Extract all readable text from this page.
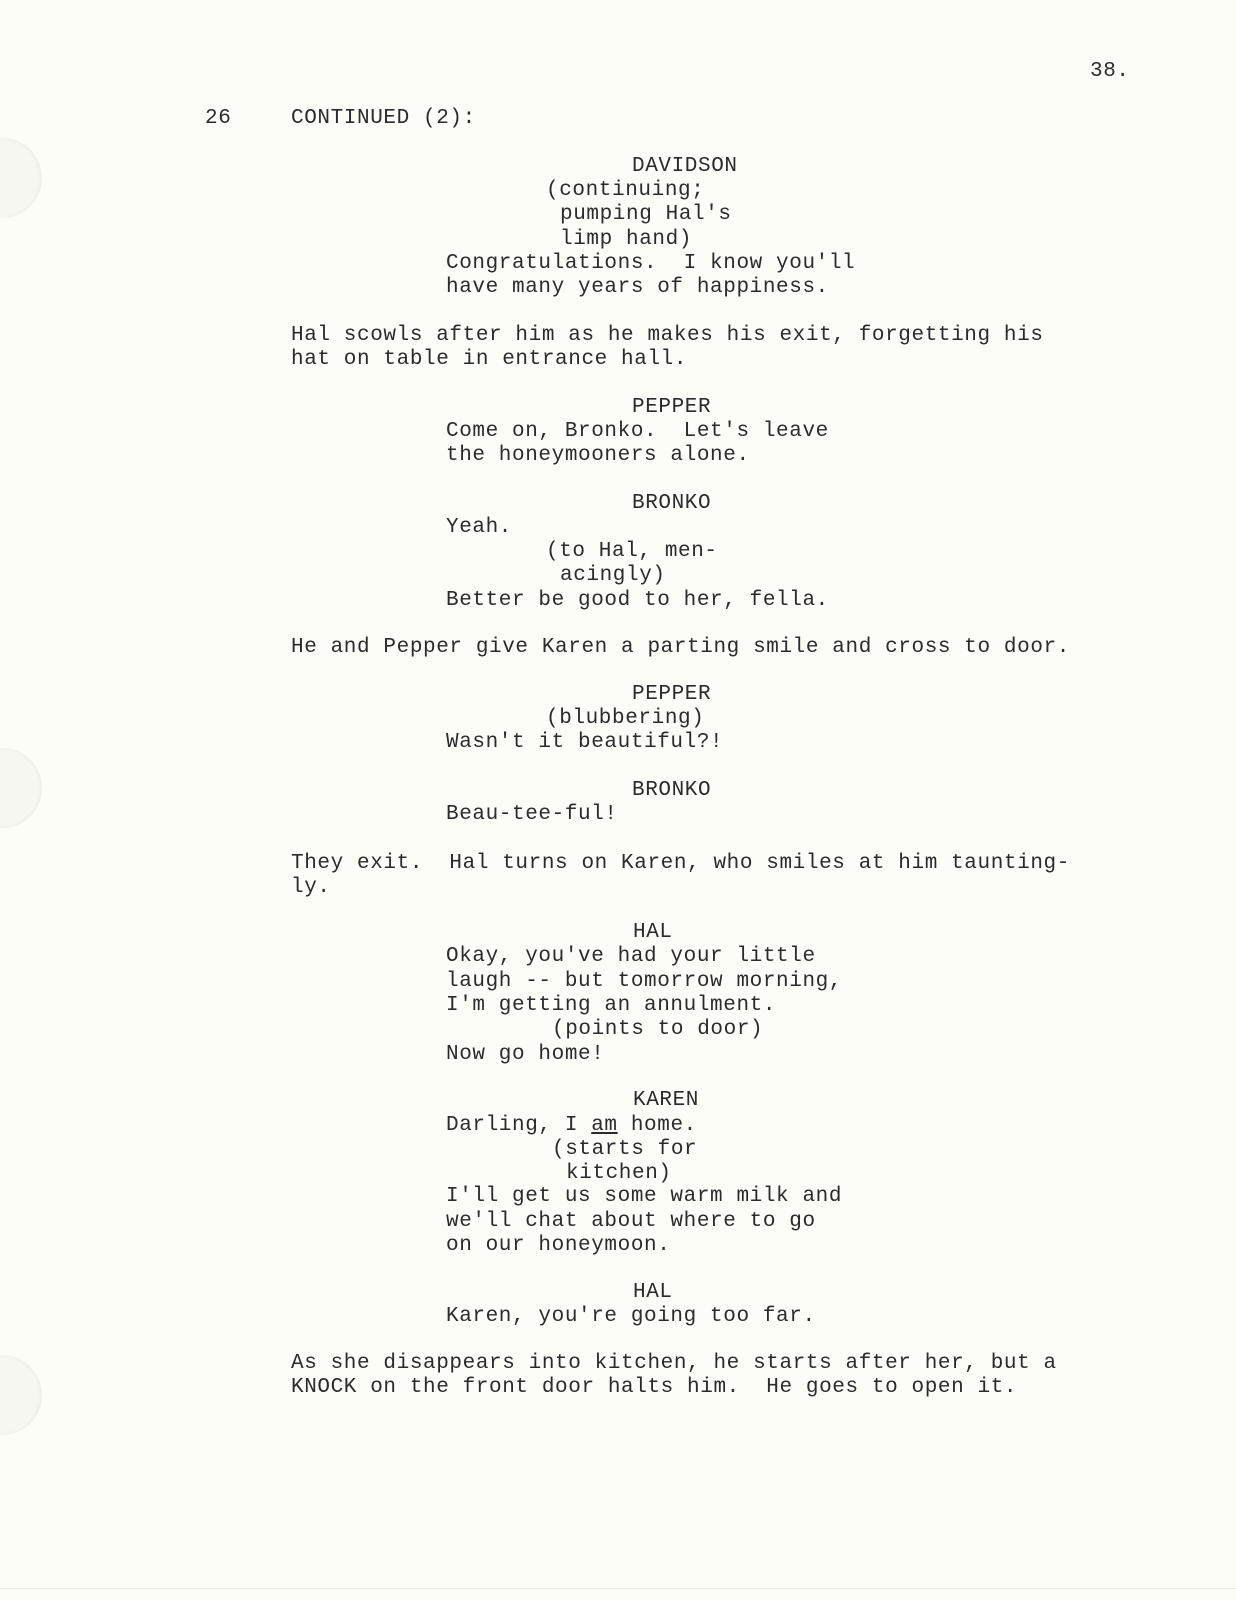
38.
26	CONTINUED (2):
DAVIDSON
(continuing;
pumping Hal's
limp hand)
Congratulations.  I know you'll
have many years of happiness.
Hal scowls after him as he makes his exit, forgetting his
hat on table in entrance hall.
PEPPER
Come on, Bronko.  Let's leave
the honeymooners alone.
BRONKO
Yeah.
(to Hal, men-
acingly)
Better be good to her, fella.
He and Pepper give Karen a parting smile and cross to door.
PEPPER
(blubbering)
Wasn't it beautiful?!
BRONKO
Beau-tee-ful!
They exit.  Hal turns on Karen, who smiles at him taunting-
ly.
HAL
Okay, you've had your little
laugh -- but tomorrow morning,
I'm getting an annulment.
(points to door)
Now go home!
KAREN
Darling, I am home.
(starts for
kitchen)
I'll get us some warm milk and
we'll chat about where to go
on our honeymoon.
HAL
Karen, you're going too far.
As she disappears into kitchen, he starts after her, but a
KNOCK on the front door halts him.  He goes to open it.
